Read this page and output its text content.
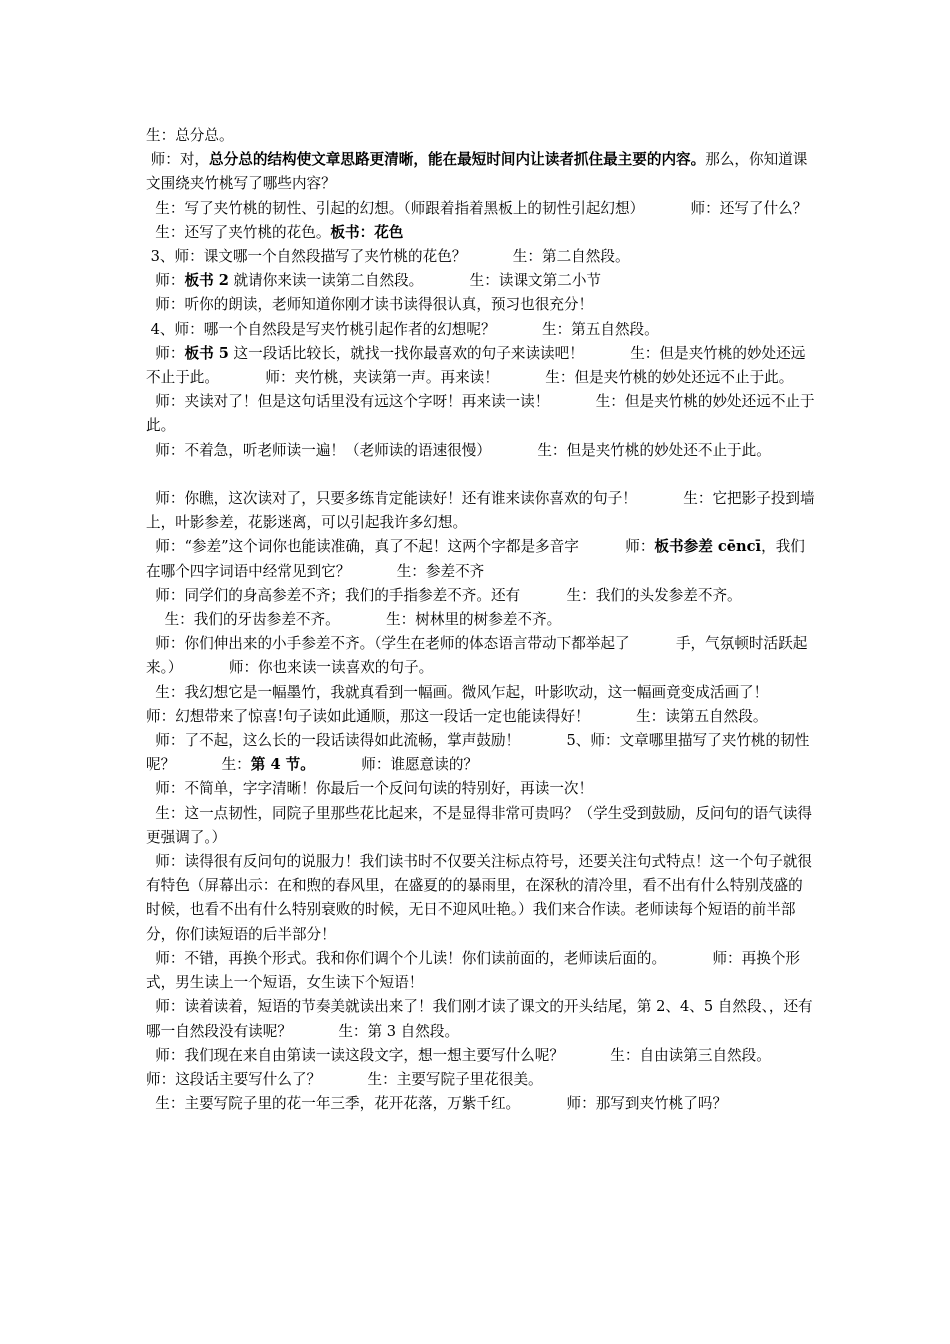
生：总分总。
师：对，总分总的结构使文章思路更清晰，能在最短时间内让读者抓住最主要的内容。那么，你知道课文围绕夹竹桃写了哪些内容？
生：写了夹竹桃的韧性、引起的幻想。（师跟着指着黑板上的韧性引起幻想）          师：还写了什么？
生：还写了夹竹桃的花色。板书：花色
3、师：课文哪一个自然段描写了夹竹桃的花色？          生：第二自然段。
师：板书 2 就请你来读一读第二自然段。          生：读课文第二小节
师：听你的朗读，老师知道你刚才读书读得很认真，预习也很充分！
4、师：哪一个自然段是写夹竹桃引起作者的幻想呢？          生：第五自然段。
师：板书 5 这一段话比较长，就找一找你最喜欢的句子来读读吧！          生：但是夹竹桃的妙处还远不止于此。          师：夹竹桃，夹读第一声。再来读！          生：但是夹竹桃的妙处还远不止于此。
师：夹读对了！但是这句话里没有远这个字呀！再来读一读！          生：但是夹竹桃的妙处还远不止于此。
师：不着急，听老师读一遍！（老师读的语速很慢）          生：但是夹竹桃的妙处还不止于此。
师：你瞧，这次读对了，只要多练肯定能读好！还有谁来读你喜欢的句子！          生：它把影子投到墙上，叶影参差，花影迷离，可以引起我许多幻想。
师：“参差”这个词你也能读准确，真了不起！这两个字都是多音字          师：板书参差 cēncī，我们在哪个四字词语中经常见到它？          生：参差不齐
师：同学们的身高参差不齐；我们的手指参差不齐。还有          生：我们的头发参差不齐。
生：我们的牙齿参差不齐。          生：树林里的树参差不齐。
师：你们伸出来的小手参差不齐。（学生在老师的体态语言带动下都举起了          手，气氛顿时活跃起来。）          师：你也来读一读喜欢的句子。
生：我幻想它是一幅墨竹，我就真看到一幅画。微风乍起，叶影吹动，这一幅画竟变成活画了！          师：幻想带来了惊喜!句子读如此通顺，那这一段话一定也能读得好！          生：读第五自然段。
师：了不起，这么长的一段话读得如此流畅，掌声鼓励！          5、师：文章哪里描写了夹竹桃的韧性呢？          生：第 4 节。          师：谁愿意读的？
师：不简单，字字清晰！你最后一个反问句读的特别好，再读一次！
生：这一点韧性，同院子里那些花比起来，不是显得非常可贵吗？（学生受到鼓励，反问句的语气读得更强调了。）
师：读得很有反问句的说服力！我们读书时不仅要关注标点符号，还要关注句式特点！这一个句子就很有特色（屏幕出示：在和煦的春风里，在盛夏的的暴雨里，在深秋的清冷里，看不出有什么特别茂盛的时候，也看不出有什么特别衰败的时候，无日不迎风吐艳。）我们来合作读。老师读每个短语的前半部分，你们读短语的后半部分！
师：不错，再换个形式。我和你们调个个儿读！你们读前面的，老师读后面的。          师：再换个形式，男生读上一个短语，女生读下个短语！
师：读着读着，短语的节奏美就读出来了！我们刚才读了课文的开头结尾，第 2、4、5 自然段、，还有哪一自然段没有读呢？          生：第 3 自然段。
师：我们现在来自由第读一读这段文字，想一想主要写什么呢？          生：自由读第三自然段。          师：这段话主要写什么了？          生：主要写院子里花很美。
生：主要写院子里的花一年三季，花开花落，万紫千红。          师：那写到夹竹桃了吗？
